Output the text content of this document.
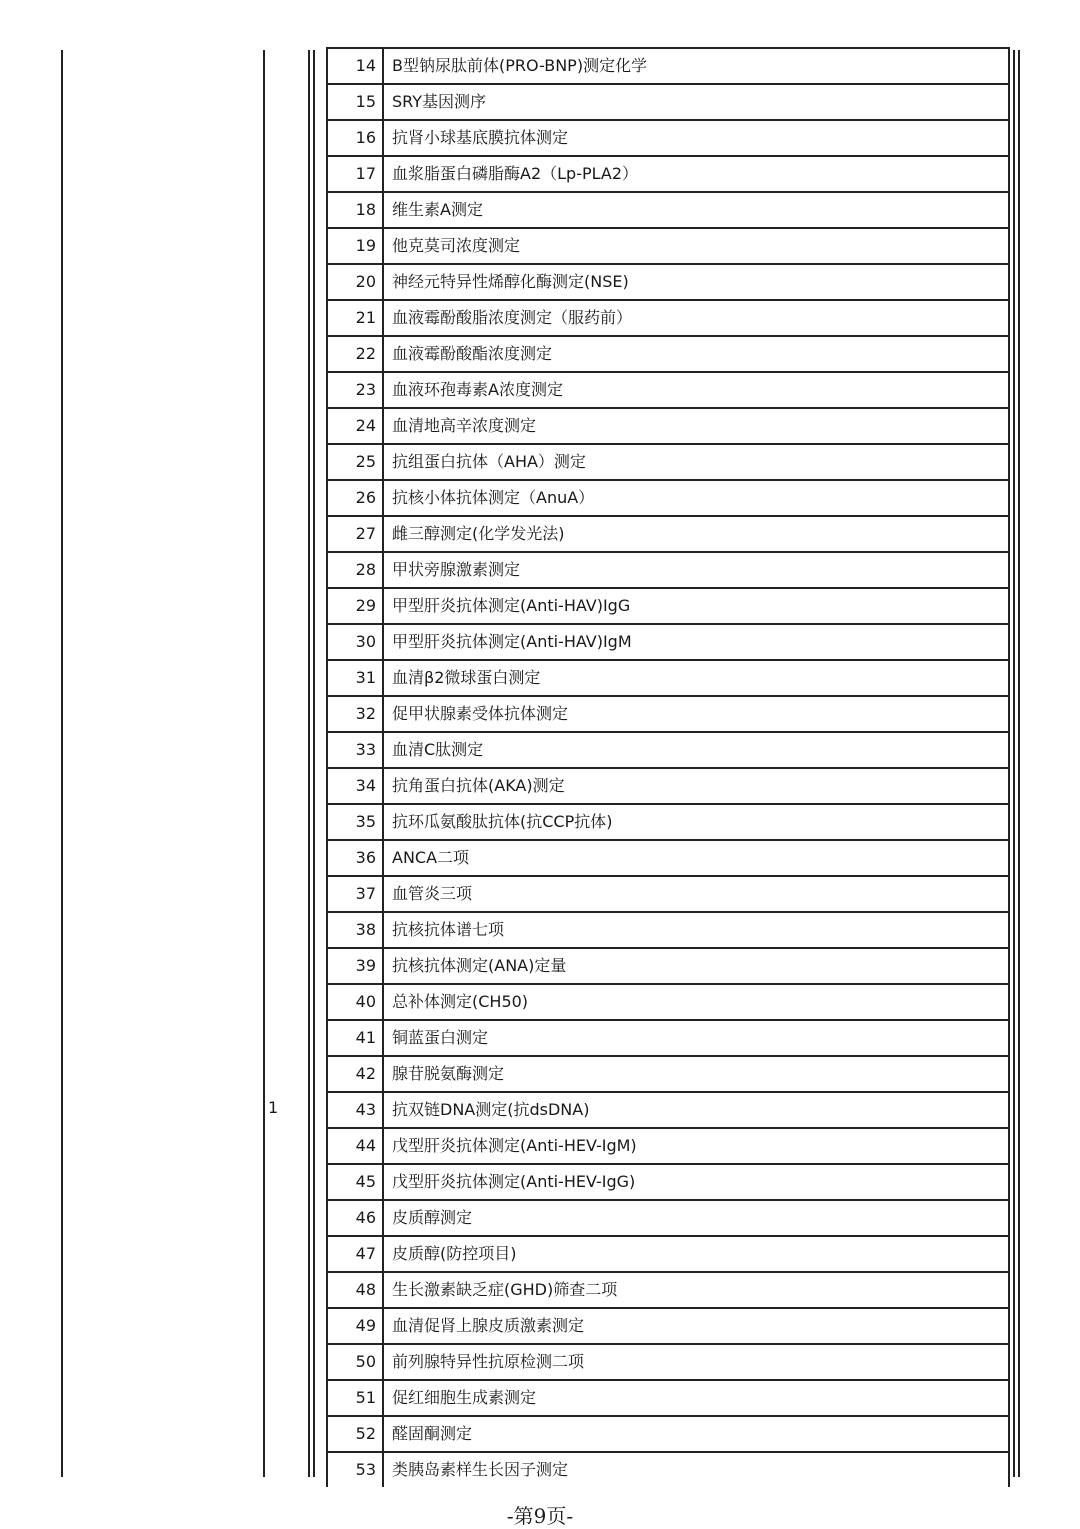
1
14	B型钠尿肽前体(PRO-BNP)测定化学
15	SRY基因测序
16	抗肾小球基底膜抗体测定
17	血浆脂蛋白磷脂酶A2（Lp-PLA2）
18	维生素A测定
19	他克莫司浓度测定
20	神经元特异性烯醇化酶测定(NSE)
21	血液霉酚酸脂浓度测定（服药前）
22	血液霉酚酸酯浓度测定
23	血液环孢毒素A浓度测定
24	血清地高辛浓度测定
25	抗组蛋白抗体（AHA）测定
26	抗核小体抗体测定（AnuA）
27	雌三醇测定(化学发光法)
28	甲状旁腺激素测定
29	甲型肝炎抗体测定(Anti-HAV)IgG
30	甲型肝炎抗体测定(Anti-HAV)IgM
31	血清β2微球蛋白测定
32	促甲状腺素受体抗体测定
33	血清C肽测定
34	抗角蛋白抗体(AKA)测定
35	抗环瓜氨酸肽抗体(抗CCP抗体)
36	ANCA二项
37	血管炎三项
38	抗核抗体谱七项
39	抗核抗体测定(ANA)定量
40	总补体测定(CH50)
41	铜蓝蛋白测定
42	腺苷脱氨酶测定
43	抗双链DNA测定(抗dsDNA)
44	戊型肝炎抗体测定(Anti-HEV-IgM)
45	戊型肝炎抗体测定(Anti-HEV-IgG)
46	皮质醇测定
47	皮质醇(防控项目)
48	生长激素缺乏症(GHD)筛查二项
49	血清促肾上腺皮质激素测定
50	前列腺特异性抗原检测二项
51	促红细胞生成素测定
52	醛固酮测定
53	类胰岛素样生长因子测定
-第9页-
